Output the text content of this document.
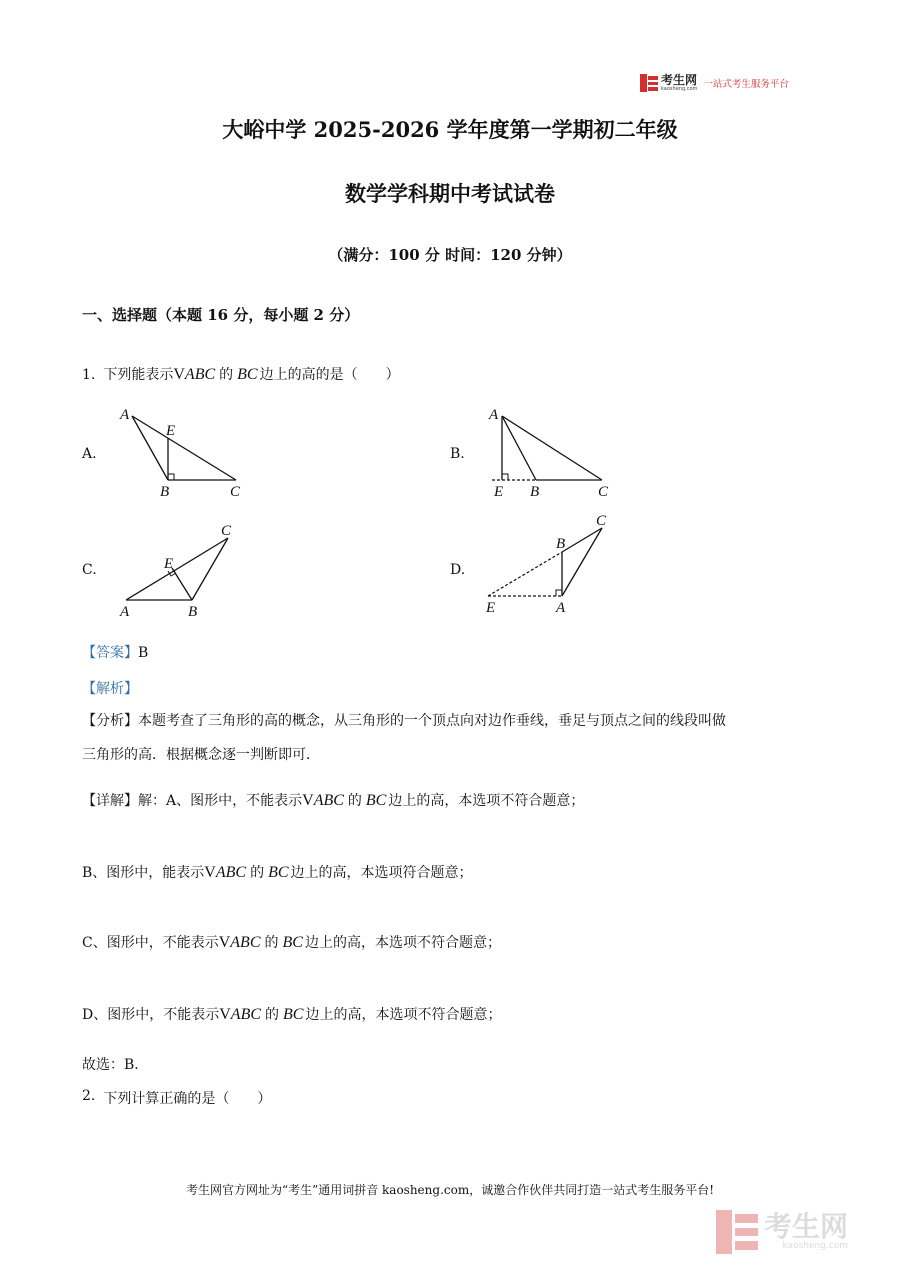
考生网
kaosheng.com 一站式考生服务平台
大峪中学 2025-2026 学年度第一学期初二年级
数学学科期中考试试卷
（满分：100 分 时间：120 分钟）
一、选择题（本题 16 分，每小题 2 分）
1. 下列能表示 V ABC 的 BC 边上的高的是（　　）
A.	B.
C.	D.
A
E
B	C
A
E B	C
C
E
A	B
C
B
E	A
【答案】B
【解析】
【分析】本题考查了三角形的高的概念，从三角形的一个顶点向对边作垂线，垂足与顶点之间的线段叫做
三角形的高．根据概念逐一判断即可．
【详解】 解：A、图形中，不能表示 V ABC 的 BC 边上的高，本选项不符合题意；
B、图形中，能表示 V ABC 的 BC 边上的高，本选项符合题意；
C、图形中，不能表示 V ABC 的 BC 边上的高，本选项不符合题意；
D、图形中，不能表示 V ABC 的 BC 边上的高，本选项不符合题意；
故选：B．
2. 下列计算正确的是（　　）
考生网官方网址为“考生”通用词拼音 kaosheng.com，诚邀合作伙伴共同打造一站式考生服务平台!
考生网
kaosheng.com
